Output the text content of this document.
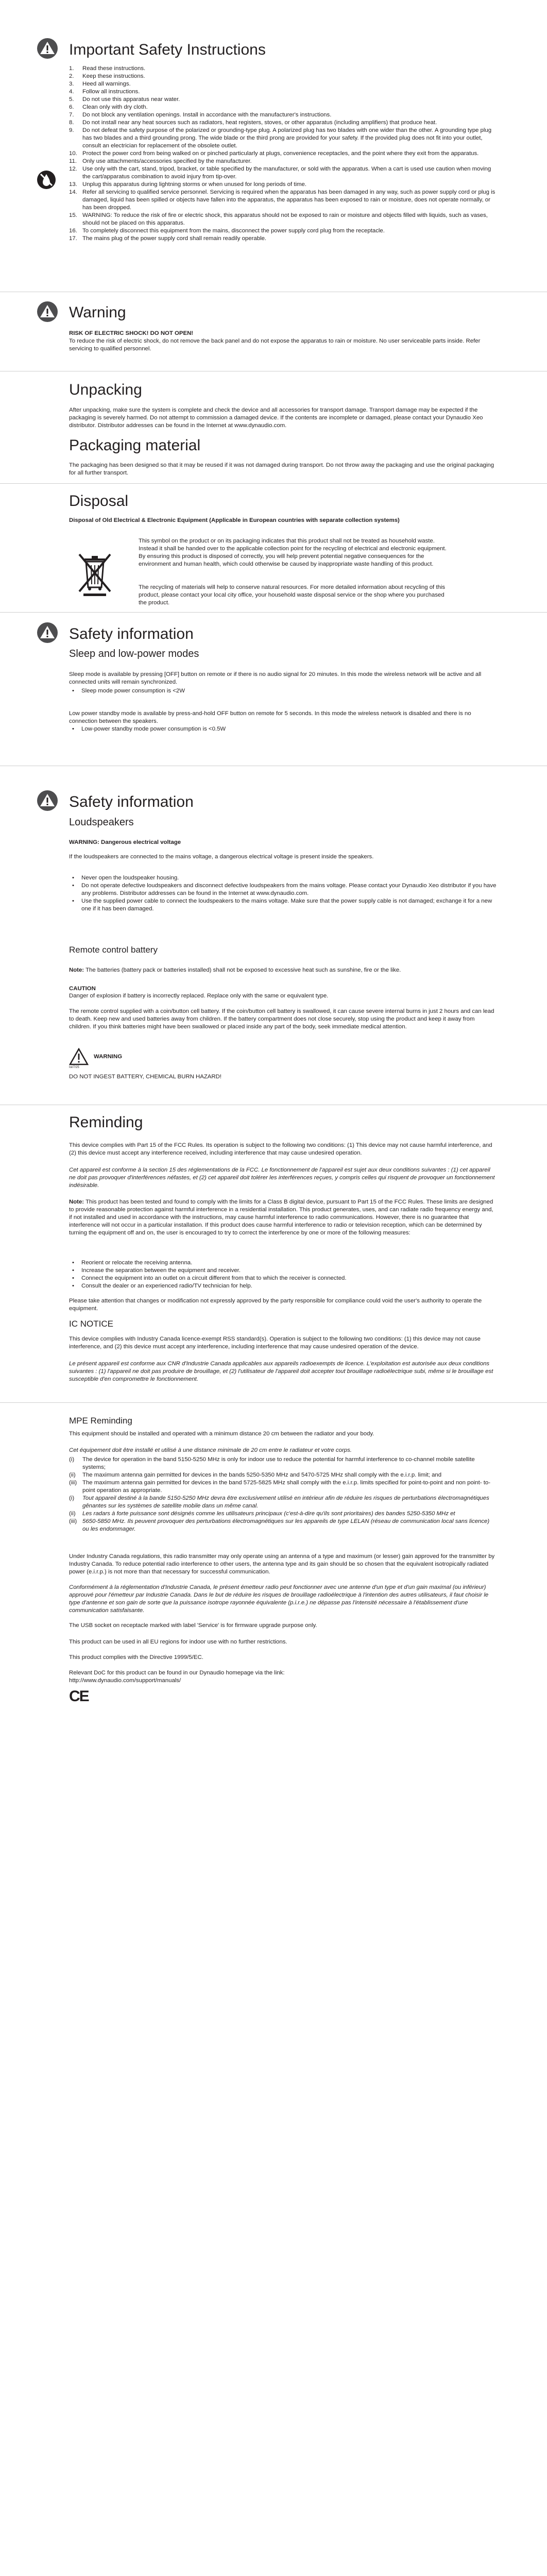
Important Safety Instructions
1.	Read these instructions.
2.	Keep these instructions.
3.	Heed all warnings.
4.	Follow all instructions.
5.	Do not use this apparatus near water.
6.	Clean only with dry cloth.
7.	Do not block any ventilation openings. Install in accordance with the manufacturer's instructions.
8.	Do not install near any heat sources such as radiators, heat registers, stoves, or other apparatus (including amplifiers) that produce heat.
9.	Do not defeat the safety purpose of the polarized or grounding-type plug. A polarized plug has two blades with one wider than the other. A grounding type plug has two blades and a third grounding prong. The wide blade or the third prong are provided for your safety. If the provided plug does not fit into your outlet, consult an electrician for replacement of the obsolete outlet.
10. Protect the power cord from being walked on or pinched particularly at plugs, convenience receptacles, and the point where they exit from the apparatus.
11. Only use attachments/accessories specified by the manufacturer.
12. Use only with the cart, stand, tripod, bracket, or table specified by the manufacturer, or sold with the apparatus. When a cart is used use caution when moving the cart/apparatus combination to avoid injury from tip-over.
13. Unplug this apparatus during lightning storms or when unused for long periods of time.
14. Refer all servicing to qualified service personnel. Servicing is required when the apparatus has been damaged in any way, such as power supply cord or plug is damaged, liquid has been spilled or objects have fallen into the apparatus, the apparatus has been exposed to rain or moisture, does not operate normally, or has been dropped.
15. WARNING: To reduce the risk of fire or electric shock, this apparatus should not be exposed to rain or moisture and objects filled with liquids, such as vases, should not be placed on this apparatus.
16. To completely disconnect this equipment from the mains, disconnect the power supply cord plug from the receptacle.
17. The mains plug of the power supply cord shall remain readily operable.
Warning

RISK OF ELECTRIC SHOCK! DO NOT OPEN!

To reduce the risk of electric shock, do not remove the back panel and do not expose the apparatus to rain or moisture. No user serviceable parts inside. Refer servicing to qualified personnel.

Unpacking

After unpacking, make sure the system is complete and check the device and all accessories for transport damage. Transport damage may be expected if the packaging is severely harmed. Do not attempt to commission a damaged device. If the contents are incomplete or damaged, please contact your Dynaudio Xeo distributor. Distributor addresses can be found in the Internet at www.dynaudio.com.

Packaging material

The packaging has been designed so that it may be reused if it was not damaged during transport. Do not throw away the packaging and use the original packaging for all further transport.

Disposal

Disposal of Old Electrical & Electronic Equipment (Applicable in European countries with separate collection systems)

This symbol on the product or on its packaging indicates that this product shall not be treated as household waste. Instead it shall be handed over to the applicable collection point for the recycling of electrical and electronic equipment. By ensuring this product is disposed of correctly, you will help prevent potential negative consequences for the environment and human health, which could otherwise be caused by inappropriate waste handling of this product.

The recycling of materials will help to conserve natural resources. For more detailed information about recycling of this product, please contact your local city office, your household waste disposal service or the shop where you purchased the product.

Safety information

Sleep and low-power modes

Sleep mode is available by pressing [OFF] button on remote or if there is no audio signal for 20 minutes. In this mode the wireless network will be active and all connected units will remain synchronized.

•	Sleep mode power consumption is <2W

Low power standby mode is available by press-and-hold OFF button on remote for 5 seconds. In this mode the wireless network is disabled and there is no connection between the speakers.

•	Low-power standby mode power consumption is <0.5W
Safety information

Loudspeakers

WARNING: Dangerous electrical voltage

If the loudspeakers are connected to the mains voltage, a dangerous electrical voltage is present inside the speakers.

•	Never open the loudspeaker housing.
•	Do not operate defective loudspeakers and disconnect defective loudspeakers from the mains voltage. Please contact your Dynaudio Xeo distributor if you have any problems. Distributor addresses can be found in the Internet at www.dynaudio.com.
•	Use the supplied power cable to connect the loudspeakers to the mains voltage. Make sure that the power supply cable is not damaged; exchange it for a new one if it has been damaged.

Remote control battery

Note: The batteries (battery pack or batteries installed) shall not be exposed to excessive heat such as sunshine, fire or the like.

CAUTION

Danger of explosion if battery is incorrectly replaced. Replace only with the same or equivalent type.

The remote control supplied with a coin/button cell battery. If the coin/button cell battery is swallowed, it can cause severe internal burns in just 2 hours and can lead to death. Keep new and used batteries away from children. If the battery compartment does not close securely, stop using the product and keep it away from children. If you think batteries might have been swallowed or placed inside any part of the body, seek immediate medical attention.

WARNING

Ioi/7/25

DO NOT INGEST BATTERY, CHEMICAL BURN HAZARD!

Reminding

This device complies with Part 15 of the FCC Rules. Its operation is subject to the following two conditions: (1) This device may not cause harmful interference, and (2) this device must accept any interference received, including interference that may cause undesired operation.

Cet appareil est conforme à la section 15 des réglementations de la FCC. Le fonctionnement de l'appareil est sujet aux deux conditions suivantes : (1) cet appareil ne doit pas provoquer d'interférences néfastes, et (2) cet appareil doit tolérer les interférences reçues, y compris celles qui risquent de provoquer un fonctionnement indésirable.

Note: This product has been tested and found to comply with the limits for a Class B digital device, pursuant to Part 15 of the FCC Rules. These limits are designed to provide reasonable protection against harmful interference in a residential installation. This product generates, uses, and can radiate radio frequency energy and, if not installed and used in accordance with the instructions, may cause harmful interference to radio communications. However, there is no guarantee that interference will not occur in a particular installation. If this product does cause harmful interference to radio or television reception, which can be determined by turning the equipment off and on, the user is encouraged to try to correct the interference by one or more of the following measures:

•	Reorient or relocate the receiving antenna.
•	Increase the separation between the equipment and receiver.
•	Connect the equipment into an outlet on a circuit different from that to which the receiver is connected.
•	Consult the dealer or an experienced radio/TV technician for help.

Please take attention that changes or modification not expressly approved by the party responsible for compliance could void the user's authority to operate the equipment.

IC NOTICE

This device complies with Industry Canada licence-exempt RSS standard(s). Operation is subject to the following two conditions: (1) this device may not cause interference, and (2) this device must accept any interference, including interference that may cause undesired operation of the device.

Le présent appareil est conforme aux CNR d'Industrie Canada applicables aux appareils radioexempts de licence. L'exploitation est autorisée aux deux conditions suivantes : (1) l'appareil ne doit pas produire de brouillage, et (2) l'utilisateur de l'appareil doit accepter tout brouillage radioélectrique subi, même si le brouillage est susceptible d'en compromettre le fonctionnement.

MPE Reminding

This equipment should be installed and operated with a minimum distance 20 cm between the radiator and your body.

Cet équipement doit être installé et utilisé à une distance minimale de 20 cm entre le radiateur et votre corps.

(i)	The device for operation in the band 5150-5250 MHz is only for indoor use to reduce the potential for harmful interference to co-channel mobile satellite systems;
(ii)	The maximum antenna gain permitted for devices in the bands 5250-5350 MHz and 5470-5725 MHz shall comply with the e.i.r.p. limit; and
(iii) The maximum antenna gain permitted for devices in the band 5725-5825 MHz shall comply with the e.i.r.p. limits specified for point-to-point and non point- to-point operation as appropriate.
(i)	Tout appareil destiné à la bande 5150-5250 MHz devra être exclusivement utilisé en intérieur afin de réduire les risques de perturbations électromagnétiques gênantes sur les systèmes de satellite mobile dans un même canal.
(ii)	Les radars à forte puissance sont désignés comme les utilisateurs principaux (c'est-à-dire qu'ils sont prioritaires) des bandes 5250-5350 MHz et
(iii) 5650-5850 MHz. Ils peuvent provoquer des perturbations électromagnétiques sur les appareils de type LELAN (réseau de communication local sans licence) ou les endommager.

Under Industry Canada regulations, this radio transmitter may only operate using an antenna of a type and maximum (or lesser) gain approved for the transmitter by Industry Canada. To reduce potential radio interference to other users, the antenna type and its gain should be so chosen that the equivalent isotropically radiated power (e.i.r.p.) is not more than that necessary for successful communication.

Conformément à la réglementation d'Industrie Canada, le présent émetteur radio peut fonctionner avec une antenne d'un type et d'un gain maximal (ou inférieur) approuvé pour l'émetteur par Industrie Canada. Dans le but de réduire les risques de brouillage radioélectrique à l'intention des autres utilisateurs, il faut choisir le type d'antenne et son gain de sorte que la puissance isotrope rayonnée équivalente (p.i.r.e.) ne dépasse pas l'intensité nécessaire à l'établissement d'une communication satisfaisante.

The USB socket on receptacle marked with label 'Service' is for firmware upgrade purpose only.

This product can be used in all EU regions for indoor use with no further restrictions.

This product complies with the Directive 1999/5/EC.

Relevant DoC for this product can be found in our Dynaudio homepage via the link:

http://www.dynaudio.com/support/manuals/

CE
